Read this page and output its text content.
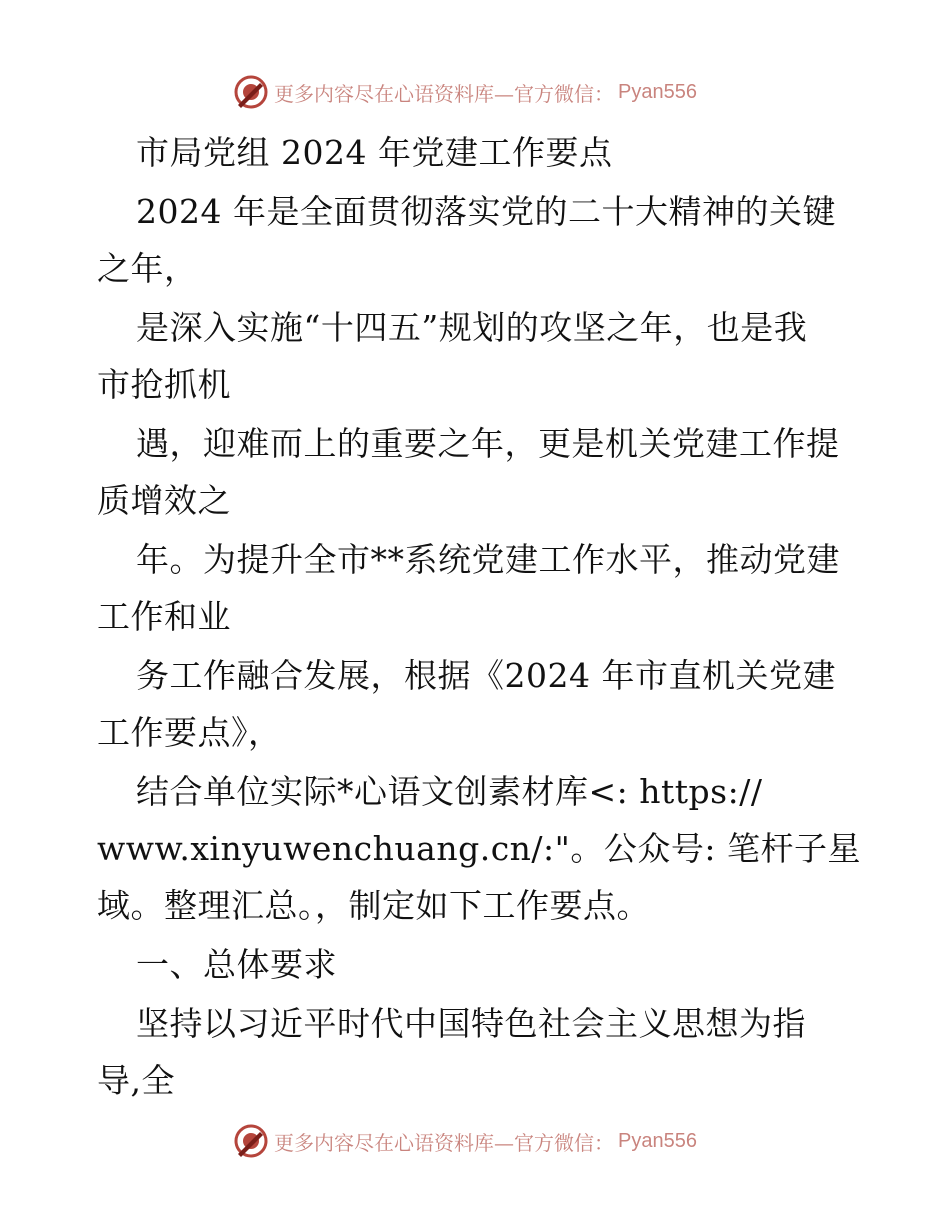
更多内容尽在心语资料库—官方微信： Pyan556
市局党组 2024 年党建工作要点
2024 年是全面贯彻落实党的二十大精神的关键
之年，
是深入实施“十四五”规划的攻坚之年，也是我
市抢抓机
遇，迎难而上的重要之年，更是机关党建工作提
质增效之
年。为提升全市**系统党建工作水平，推动党建
工作和业
务工作融合发展，根据《2024 年市直机关党建
工作要点》，
结合单位实际*心语文创素材库<: https://
www.xinyuwenchuang.cn/:"。公众号: 笔杆子星
域。整理汇总。，制定如下工作要点。
一、总体要求
坚持以习近平时代中国特色社会主义思想为指
导,全
更多内容尽在心语资料库—官方微信： Pyan556
